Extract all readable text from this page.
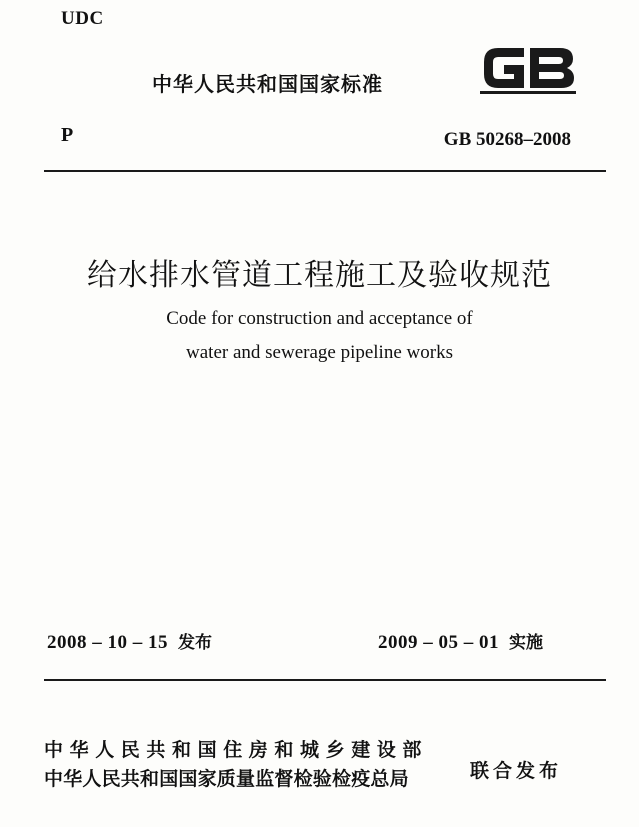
UDC
中华人民共和国国家标准
P	GB 50268–2008
给水排水管道工程施工及验收规范
Code for construction and acceptance of
water and sewerage pipeline works
2008 – 10 – 15 发布	2009 – 05 – 01 实施
中华人民共和国住房和城乡建设部
中华人民共和国国家质量监督检验检疫总局	联合发布
